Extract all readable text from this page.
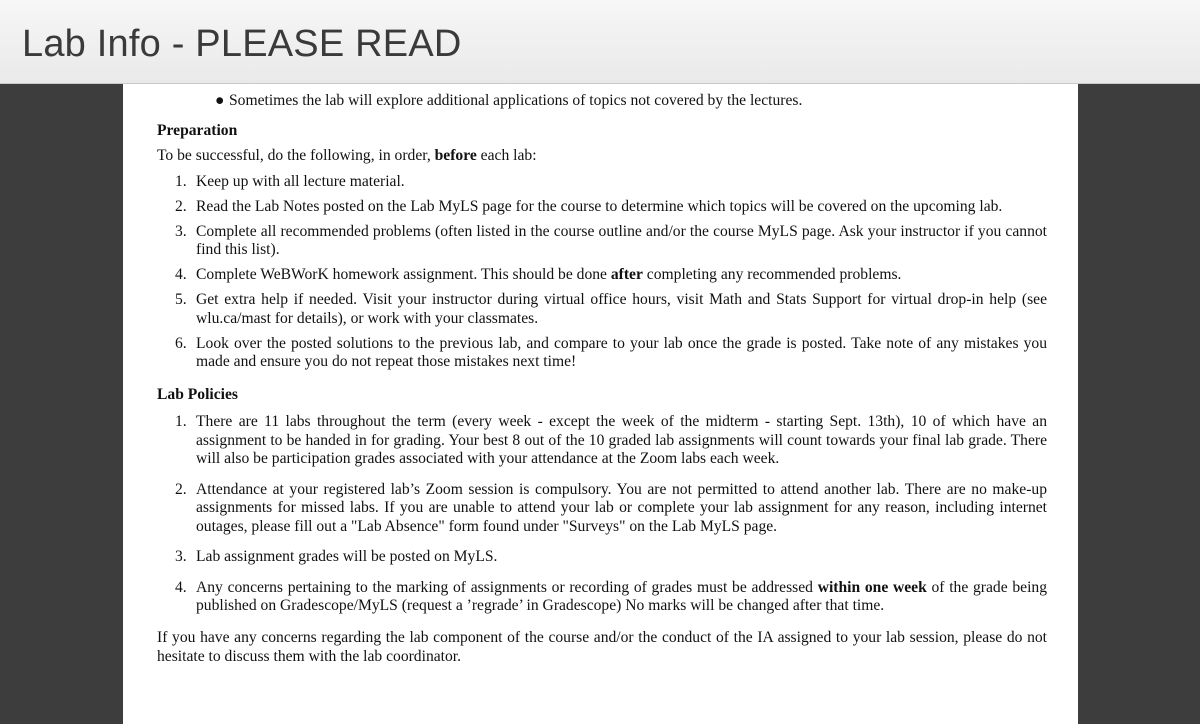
Lab Info - PLEASE READ
● Sometimes the lab will explore additional applications of topics not covered by the lectures.
Preparation
To be successful, do the following, in order, before each lab:
1. Keep up with all lecture material.
2. Read the Lab Notes posted on the Lab MyLS page for the course to determine which topics will be covered on the upcoming lab.
3. Complete all recommended problems (often listed in the course outline and/or the course MyLS page. Ask your instructor if you cannot find this list).
4. Complete WeBWorK homework assignment. This should be done after completing any recommended problems.
5. Get extra help if needed. Visit your instructor during virtual office hours, visit Math and Stats Support for virtual drop-in help (see wlu.ca/mast for details), or work with your classmates.
6. Look over the posted solutions to the previous lab, and compare to your lab once the grade is posted. Take note of any mistakes you made and ensure you do not repeat those mistakes next time!
Lab Policies
1. There are 11 labs throughout the term (every week - except the week of the midterm - starting Sept. 13th), 10 of which have an assignment to be handed in for grading. Your best 8 out of the 10 graded lab assignments will count towards your final lab grade. There will also be participation grades associated with your attendance at the Zoom labs each week.
2. Attendance at your registered lab’s Zoom session is compulsory. You are not permitted to attend another lab. There are no make-up assignments for missed labs. If you are unable to attend your lab or complete your lab assignment for any reason, including internet outages, please fill out a "Lab Absence" form found under "Surveys" on the Lab MyLS page.
3. Lab assignment grades will be posted on MyLS.
4. Any concerns pertaining to the marking of assignments or recording of grades must be addressed within one week of the grade being published on Gradescope/MyLS (request a ’regrade’ in Gradescope) No marks will be changed after that time.
If you have any concerns regarding the lab component of the course and/or the conduct of the IA assigned to your lab session, please do not hesitate to discuss them with the lab coordinator.
